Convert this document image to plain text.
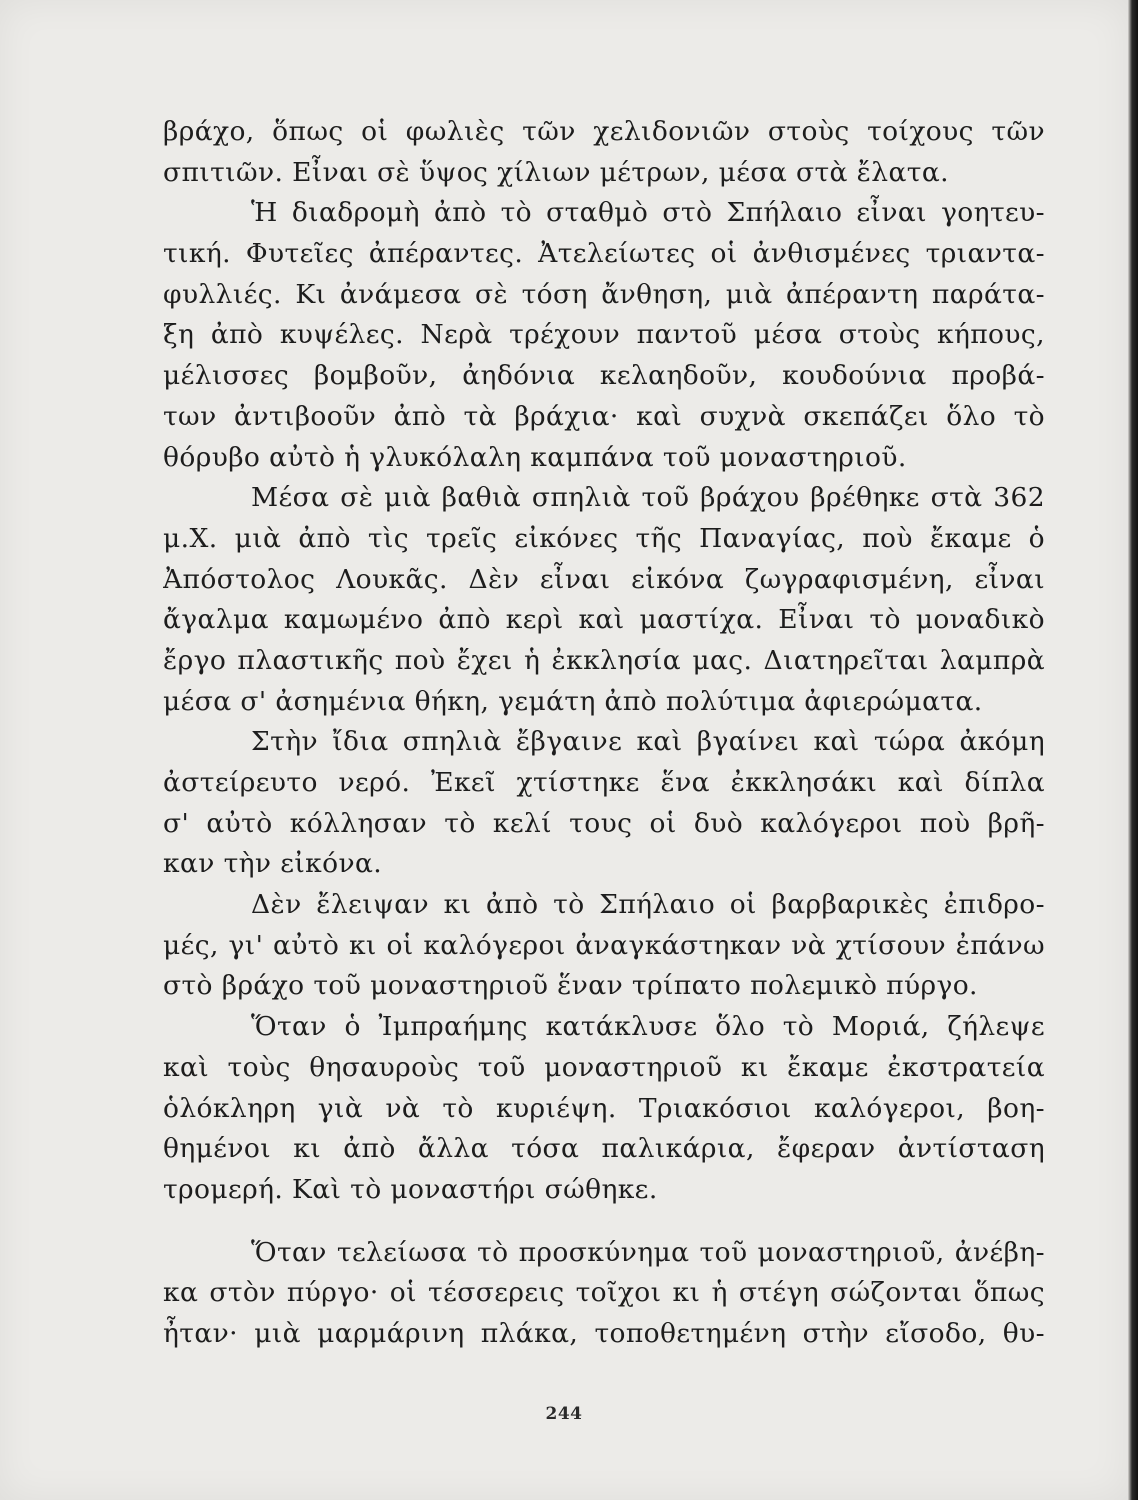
βράχο, ὅπως οἱ φωλιὲς τῶν χελιδονιῶν στοὺς τοίχους τῶν
σπιτιῶν. Εἶναι σὲ ὕψος χίλιων μέτρων, μέσα στὰ ἔλατα.
Ἡ διαδρομὴ ἀπὸ τὸ σταθμὸ στὸ Σπήλαιο εἶναι γοητευ-
τική. Φυτεῖες ἀπέραντες. Ἀτελείωτες οἱ ἀνθισμένες τριαντα-
φυλλιές. Κι ἀνάμεσα σὲ τόση ἄνθηση, μιὰ ἀπέραντη παράτα-
ξη ἀπὸ κυψέλες. Νερὰ τρέχουν παντοῦ μέσα στοὺς κήπους,
μέλισσες βομβοῦν, ἀηδόνια κελαηδοῦν, κουδούνια προβά-
των ἀντιβοοῦν ἀπὸ τὰ βράχια· καὶ συχνὰ σκεπάζει ὅλο τὸ
θόρυβο αὐτὸ ἡ γλυκόλαλη καμπάνα τοῦ μοναστηριοῦ.
Μέσα σὲ μιὰ βαθιὰ σπηλιὰ τοῦ βράχου βρέθηκε στὰ 362
μ.Χ. μιὰ ἀπὸ τὶς τρεῖς εἰκόνες τῆς Παναγίας, ποὺ ἔκαμε ὁ
Ἀπόστολος Λουκᾶς. Δὲν εἶναι εἰκόνα ζωγραφισμένη, εἶναι
ἄγαλμα καμωμένο ἀπὸ κερὶ καὶ μαστίχα. Εἶναι τὸ μοναδικὸ
ἔργο πλαστικῆς ποὺ ἔχει ἡ ἐκκλησία μας. Διατηρεῖται λαμπρὰ
μέσα σ' ἀσημένια θήκη, γεμάτη ἀπὸ πολύτιμα ἀφιερώματα.
Στὴν ἴδια σπηλιὰ ἔβγαινε καὶ βγαίνει καὶ τώρα ἀκόμη
ἀστείρευτο νερό. Ἐκεῖ χτίστηκε ἕνα ἐκκλησάκι καὶ δίπλα
σ' αὐτὸ κόλλησαν τὸ κελί τους οἱ δυὸ καλόγεροι ποὺ βρῆ-
καν τὴν εἰκόνα.
Δὲν ἔλειψαν κι ἀπὸ τὸ Σπήλαιο οἱ βαρβαρικὲς ἐπιδρο-
μές, γι' αὐτὸ κι οἱ καλόγεροι ἀναγκάστηκαν νὰ χτίσουν ἐπάνω
στὸ βράχο τοῦ μοναστηριοῦ ἕναν τρίπατο πολεμικὸ πύργο.
Ὅταν ὁ Ἰμπραήμης κατάκλυσε ὅλο τὸ Μοριά, ζήλεψε
καὶ τοὺς θησαυροὺς τοῦ μοναστηριοῦ κι ἔκαμε ἐκστρατεία
ὁλόκληρη γιὰ νὰ τὸ κυριέψη. Τριακόσιοι καλόγεροι, βοη-
θημένοι κι ἀπὸ ἄλλα τόσα παλικάρια, ἔφεραν ἀντίσταση
τρομερή. Καὶ τὸ μοναστήρι σώθηκε.
Ὅταν τελείωσα τὸ προσκύνημα τοῦ μοναστηριοῦ, ἀνέβη-
κα στὸν πύργο· οἱ τέσσερεις τοῖχοι κι ἡ στέγη σώζονται ὅπως
ἦταν· μιὰ μαρμάρινη πλάκα, τοποθετημένη στὴν εἴσοδο, θυ-
244
